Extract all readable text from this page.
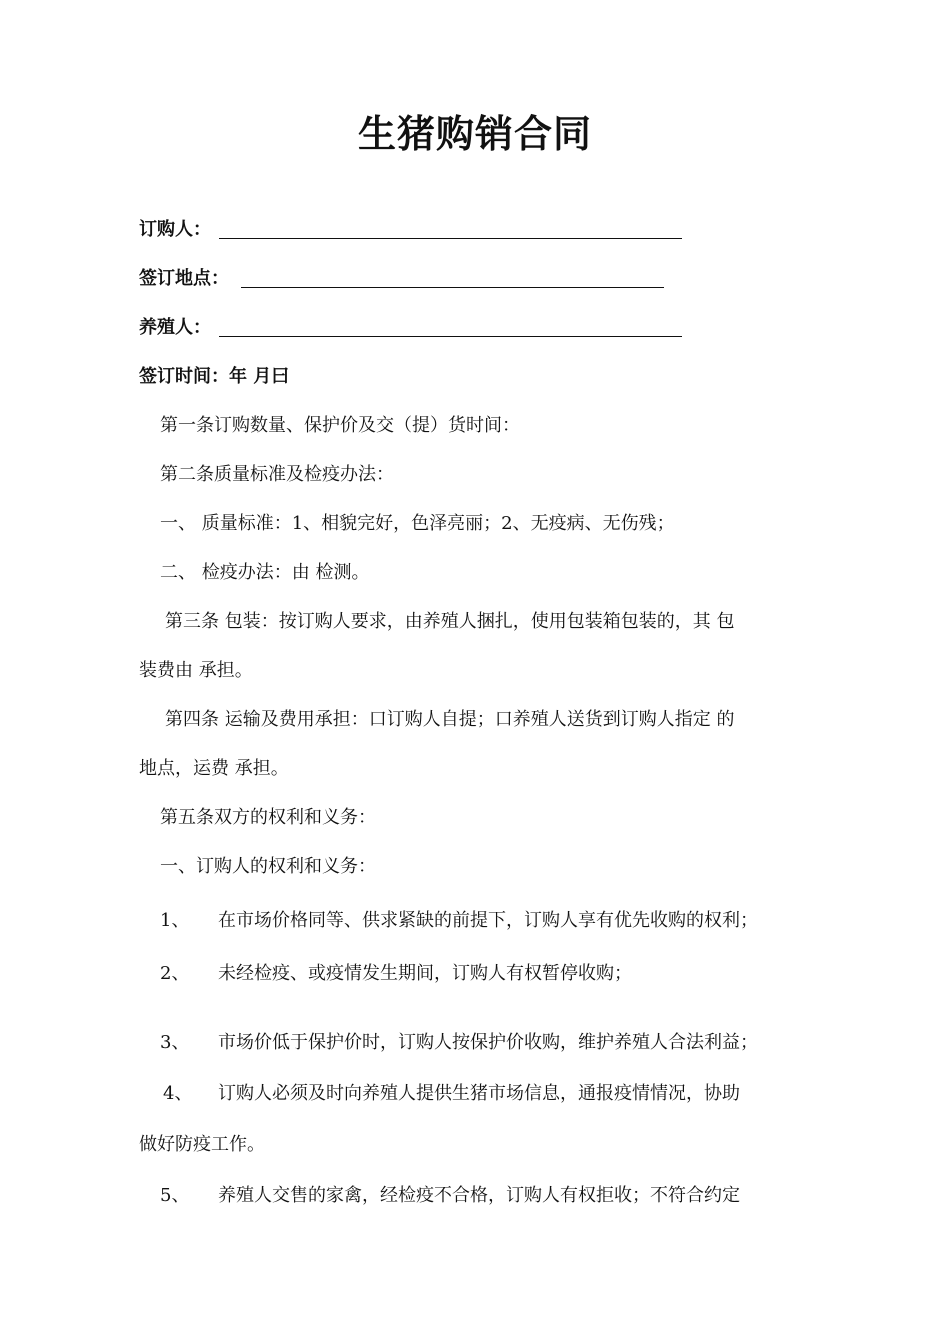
生猪购销合同
订购人：
签订地点：
养殖人：
签订时间：年 月曰
第一条订购数量、保护价及交（提）货时间：
第二条质量标准及检疫办法：
一、 质量标准：1、相貌完好，色泽亮丽；2、无疫病、无伤残；
二、 检疫办法：由 检测。
第三条 包装：按订购人要求，由养殖人捆扎，使用包装箱包装的，其 包
装费由 承担。
第四条 运输及费用承担：口订购人自提；口养殖人送货到订购人指定 的
地点，运费 承担。
第五条双方的权利和义务：
一、订购人的权利和义务：
1、 在市场价格同等、供求紧缺的前提下，订购人享有优先收购的权利；
2、 未经检疫、或疫情发生期间，订购人有权暂停收购；
3、 市场价低于保护价时，订购人按保护价收购，维护养殖人合法利益；
4、 订购人必须及时向养殖人提供生猪市场信息，通报疫情情况，协助
做好防疫工作。
5、 养殖人交售的家禽，经检疫不合格，订购人有权拒收；不符合约定
